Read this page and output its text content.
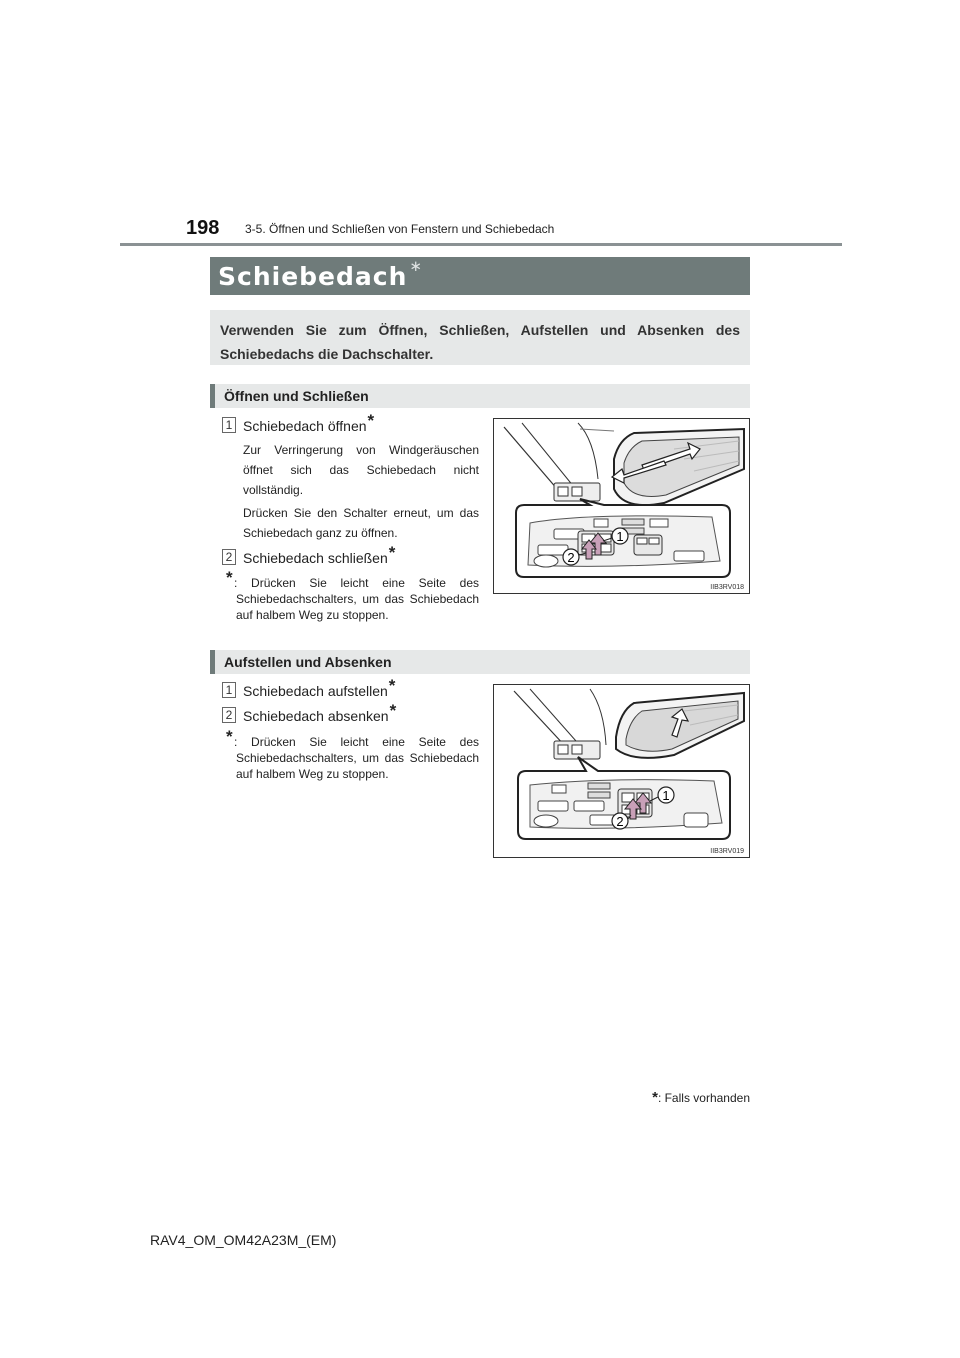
198 3-5. Öffnen und Schließen von Fenstern und Schiebedach
Schiebedach ∗
Verwenden Sie zum Öffnen, Schließen, Aufstellen und Absenken des Schiebedachs die Dachschalter.
Öffnen und Schließen
1 Schiebedach öffnen*
Zur Verringerung von Windgeräuschen öffnet sich das Schiebedach nicht vollständig.
Drücken Sie den Schalter erneut, um das Schiebedach ganz zu öffnen.
2 Schiebedach schließen*
* : Drücken Sie leicht eine Seite des Schiebedachschalters, um das Schiebedach auf halbem Weg zu stoppen.
1
2
IIB3RV018
Aufstellen und Absenken
1 Schiebedach aufstellen*
2 Schiebedach absenken*
* : Drücken Sie leicht eine Seite des Schiebedachschalters, um das Schiebedach auf halbem Weg zu stoppen.
1
2
IIB3RV019
*: Falls vorhanden
RAV4_OM_OM42A23M_(EM)
